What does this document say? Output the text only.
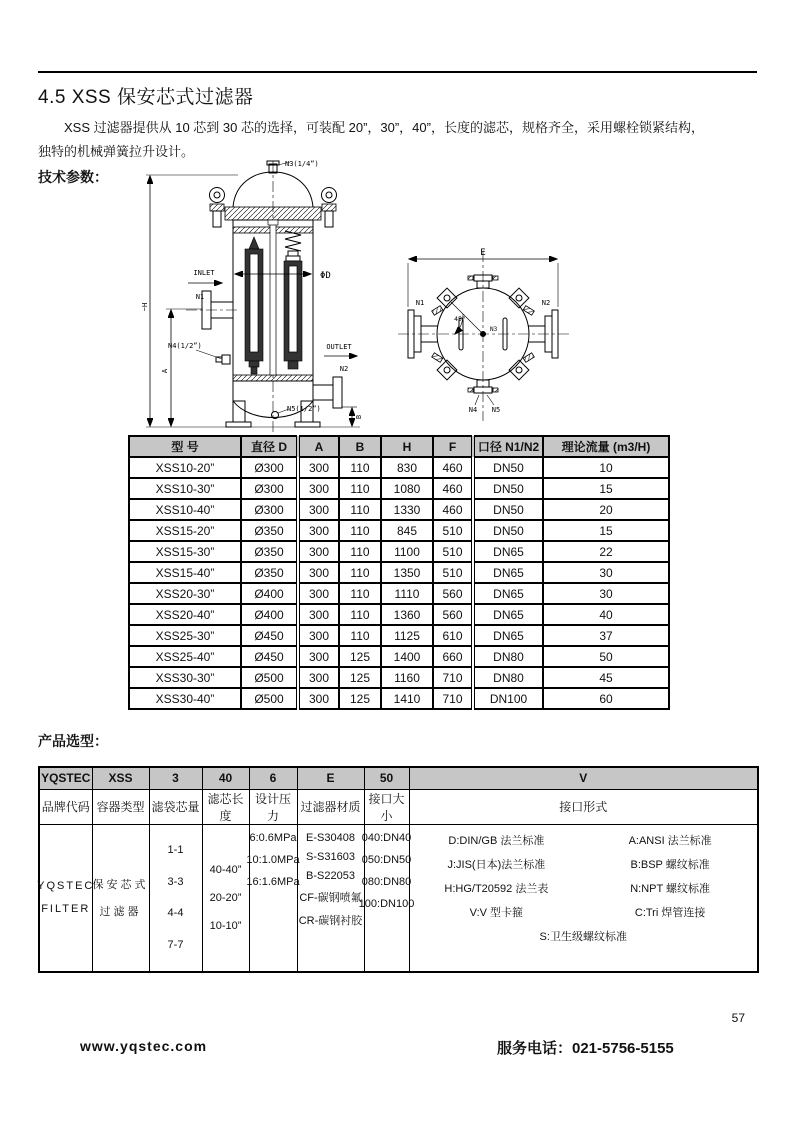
4.5 XSS 保安芯式过滤器
XSS 过滤器提供从 10 芯到 30 芯的选择，可装配 20”，30”，40”，长度的滤芯，规格齐全，采用螺栓锁紧结构，
独特的机械弹簧拉升设计。
技术参数：
~H
A
N3(1/4”)
ΦD
INLET
N1
N4(1/2”)	OUTLET
N2
N5(1/2”)
B
E
45°
N3
N4 N5
N1	N2
型 号	直径 D	A	B	H	F	口径 N1/N2	理论流量 (m3/H)
XSS10-20”	Ø300	300	110	830	460	DN50	10
XSS10-30”	Ø300	300	110	1080	460	DN50	15
XSS10-40”	Ø300	300	110	1330	460	DN50	20
XSS15-20”	Ø350	300	110	845	510	DN50	15
XSS15-30”	Ø350	300	110	1100	510	DN65	22
XSS15-40”	Ø350	300	110	1350	510	DN65	30
XSS20-30”	Ø400	300	110	1110	560	DN65	30
XSS20-40”	Ø400	300	110	1360	560	DN65	40
XSS25-30”	Ø450	300	110	1125	610	DN65	37
XSS25-40”	Ø450	300	125	1400	660	DN80	50
XSS30-30”	Ø500	300	125	1160	710	DN80	45
XSS30-40”	Ø500	300	125	1410	710	DN100	60
产品选型：
YQSTEC	XSS	3	40	6	E	50	V
品牌代码	容器类型	滤袋芯量	滤芯长度	设计压力	过滤器材质	接口大小	接口形式

YQSTEC
FILTER

保安芯式
过滤器

1-1
3-3
4-4
7-7

40-40”
20-20”
10-10”

6:0.6MPa
10:1.0MPa
16:1.6MPa

E-S30408
S-S31603
B-S22053
CF-碳钢喷氟
CR-碳钢衬胶

040:DN40
050:DN50
080:DN80
100:DN100

D:DIN/GB 法兰标准	A:ANSI 法兰标准
J:JIS(日本)法兰标准	B:BSP 螺纹标准
H:HG/T20592 法兰表	N:NPT 螺纹标准
V:V 型卡箍	C:Tri 焊管连接
S:卫生级螺纹标准
57
www.yqstec.com	服务电话：021-5756-5155
